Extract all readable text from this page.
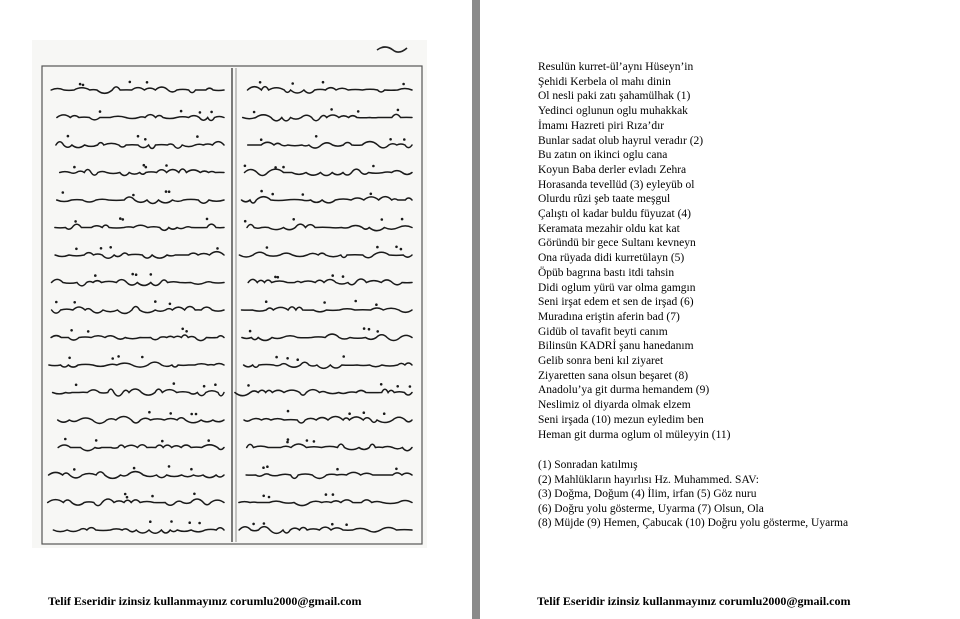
Telif Eseridir izinsiz kullanmayınız corumlu2000@gmail.com
Resulün kurret-ül’aynı Hüseyn’in
Şehidi Kerbela ol mahı dinin
Ol nesli paki zatı şahamülhak (1)
Yedinci oglunun oglu muhakkak
İmamı Hazreti piri Rıza’dır
Bunlar sadat olub hayrul veradır (2)
Bu zatın on ikinci oglu cana
Koyun Baba derler evladı Zehra
Horasanda tevellüd (3) eyleyüb ol
Olurdu rûzi şeb taate meşgul
Çalıştı ol kadar buldu füyuzat (4)
Keramata mezahir oldu kat kat
Göründü bir gece Sultanı kevneyn
Ona rüyada didi kurretülayn (5)
Öpüb bagrına bastı itdi tahsin
Didi oglum yürü var olma gamgın
Seni irşat edem et sen de irşad (6)
Muradına eriştin aferin bad (7)
Gidüb ol tavafit beyti canım
Bilinsün KADRİ şanu hanedanım
Gelib sonra beni kıl ziyaret
Ziyaretten sana olsun beşaret (8)
Anadolu’ya git durma hemandem (9)
Neslimiz ol diyarda olmak elzem
Seni irşada (10) mezun eyledim ben
Heman git durma oglum ol müleyyin (11)
(1) Sonradan katılmış
(2) Mahlükların hayırlısı Hz. Muhammed. SAV:
(3) Doğma, Doğum (4) İlim, irfan (5) Göz nuru
(6) Doğru yolu gösterme, Uyarma (7) Olsun, Ola
(8) Müjde (9) Hemen, Çabucak (10) Doğru yolu gösterme, Uyarma
Telif Eseridir izinsiz kullanmayınız corumlu2000@gmail.com
